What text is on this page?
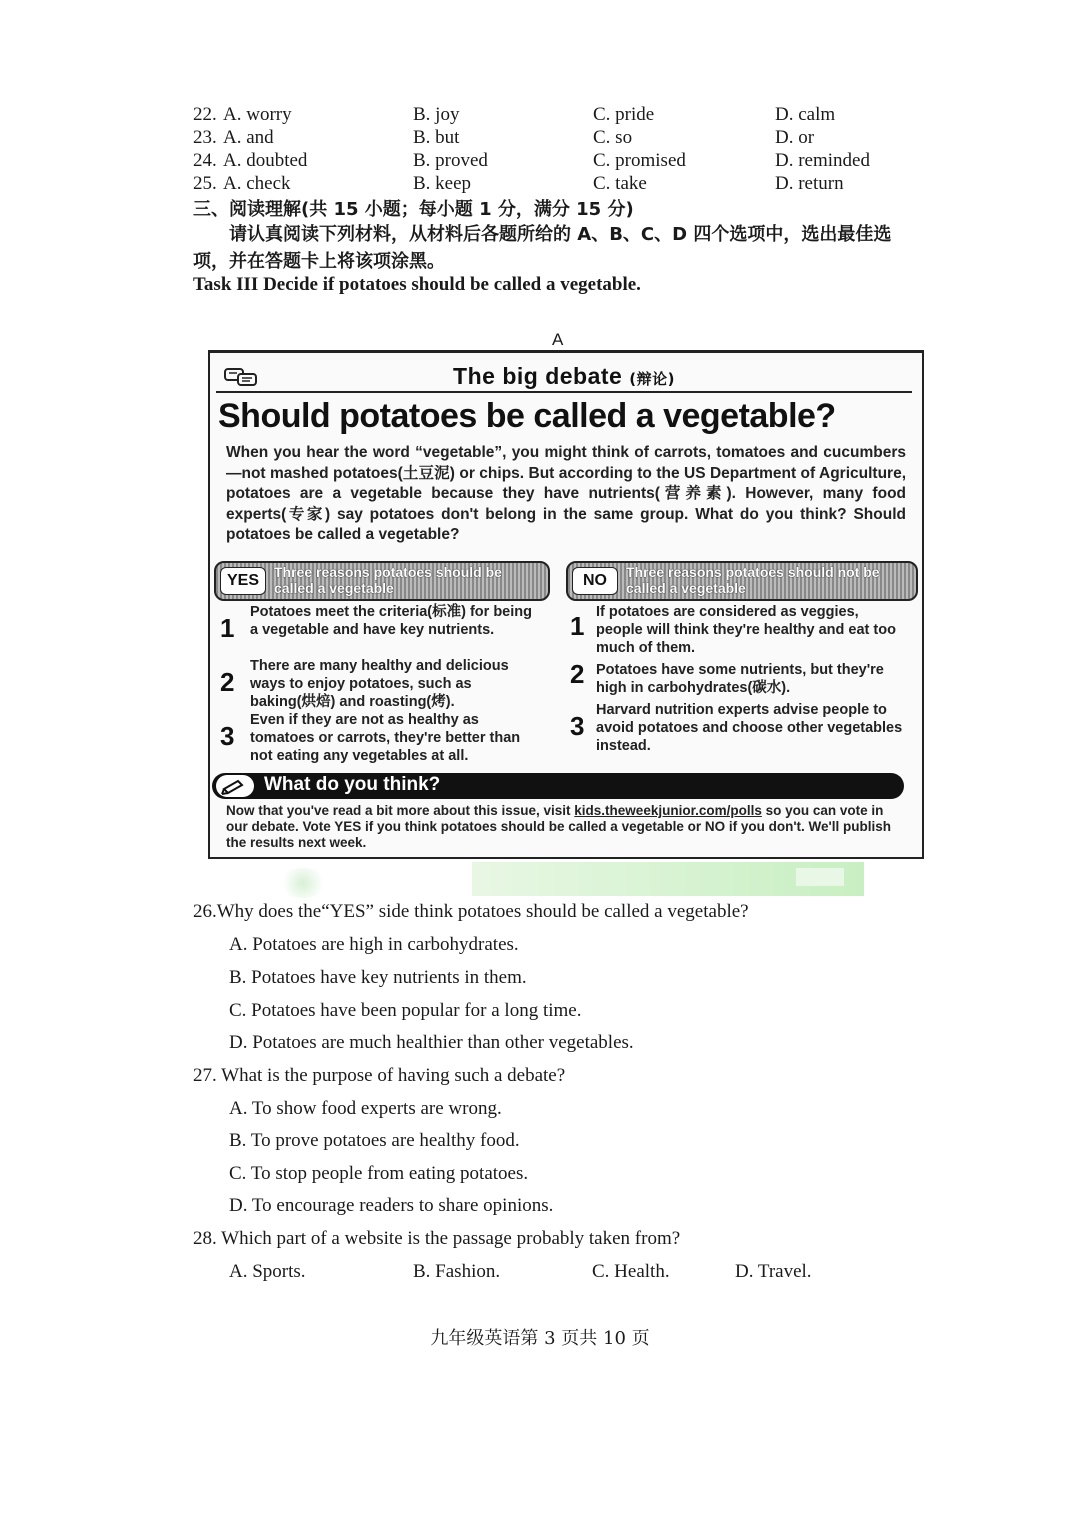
22. A. worry	B. joy	C. pride	D. calm
23. A. and	B. but	C. so	D. or
24. A. doubted	B. proved	C. promised	D. reminded
25. A. check	B. keep	C. take	D. return
三、阅读理解(共 15 小题；每小题 1 分，满分 15 分)
请认真阅读下列材料，从材料后各题所给的 A、B、C、D 四个选项中，选出最佳选项，并在答题卡上将该项涂黑。
Task III Decide if potatoes should be called a vegetable.
A
The big debate (辩论)
Should potatoes be called a vegetable?
When you hear the word “vegetable”, you might think of carrots, tomatoes and cucumbers—not mashed potatoes(土豆泥) or chips. But according to the US Department of Agriculture, potatoes are a vegetable because they have nutrients(营养素). However, many food experts(专家) say potatoes don't belong in the same group. What do you think? Should potatoes be called a vegetable?
YES	Three reasons potatoes should be called a vegetable	NO	Three reasons potatoes should not be called a vegetable
1
Potatoes meet the criteria(标准) for being a vegetable and have key nutrients.
2
There are many healthy and delicious ways to enjoy potatoes, such as baking(烘焙) and roasting(烤).
3
Even if they are not as healthy as tomatoes or carrots, they're better than not eating any vegetables at all.
1 If potatoes are considered as veggies, people will think they're healthy and eat too much of them.
2 Potatoes have some nutrients, but they're high in carbohydrates(碳水).
3
Harvard nutrition experts advise people to avoid potatoes and choose other vegetables instead.
What do you think?
Now that you've read a bit more about this issue, visit kids.theweekjunior.com/polls so you can vote in our debate. Vote YES if you think potatoes should be called a vegetable or NO if you don't. We'll publish the results next week.
26.Why does the“YES” side think potatoes should be called a vegetable?
A. Potatoes are high in carbohydrates.
B. Potatoes have key nutrients in them.
C. Potatoes have been popular for a long time.
D. Potatoes are much healthier than other vegetables.
27. What is the purpose of having such a debate?
A. To show food experts are wrong.
B. To prove potatoes are healthy food.
C. To stop people from eating potatoes.
D. To encourage readers to share opinions.
28. Which part of a website is the passage probably taken from?
A. Sports.	B. Fashion.	C. Health.	D. Travel.
九年级英语第 3 页共 10 页
